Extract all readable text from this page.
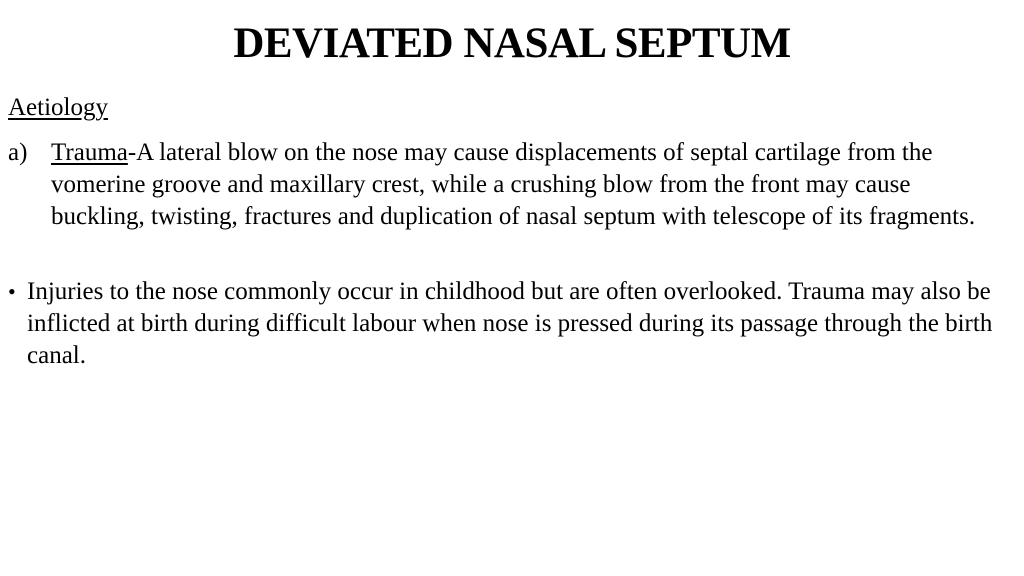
DEVIATED NASAL SEPTUM
Aetiology
a) Trauma-A lateral blow on the nose may cause displacements of septal cartilage from the vomerine groove and maxillary crest, while a crushing blow from the front may cause buckling, twisting, fractures and duplication of nasal septum with telescope of its fragments.
• Injuries to the nose commonly occur in childhood but are often overlooked. Trauma may also be inflicted at birth during difficult labour when nose is pressed during its passage through the birth canal.
